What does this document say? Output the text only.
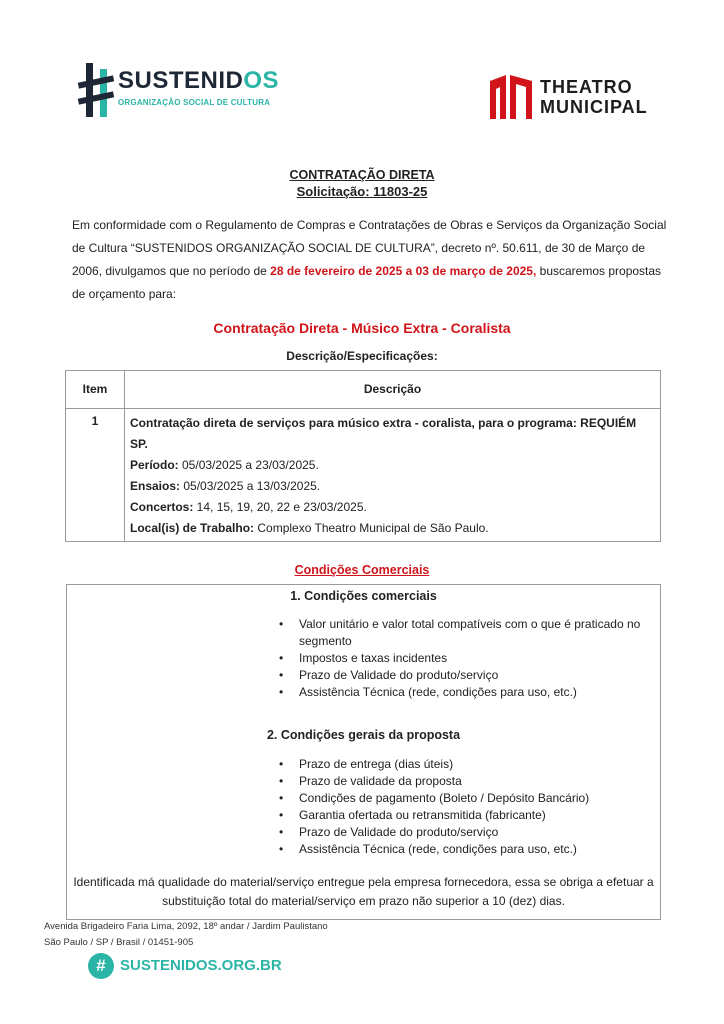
SUSTENIDOS
ORGANIZAÇÃO SOCIAL DE CULTURA
THEATRO
MUNICIPAL
CONTRATAÇÃO DIRETA
Solicitação: 11803-25
Em conformidade com o Regulamento de Compras e Contratações de Obras e Serviços da Organização Social de Cultura “SUSTENIDOS ORGANIZAÇÃO SOCIAL DE CULTURA”, decreto nº. 50.611, de 30 de Março de 2006, divulgamos que no período de 28 de fevereiro de 2025 a 03 de março de 2025, buscaremos propostas de orçamento para:
Contratação Direta - Músico Extra - Coralista
Descrição/Especificações:
Item	Descrição
1	Contratação direta de serviços para músico extra - coralista, para o programa: REQUIÉM SP.
Período: 05/03/2025 a 23/03/2025.
Ensaios: 05/03/2025 a 13/03/2025.
Concertos: 14, 15, 19, 20, 22 e 23/03/2025.
Local(is) de Trabalho: Complexo Theatro Municipal de São Paulo.
Condições Comerciais
1. Condições comerciais
• Valor unitário e valor total compatíveis com o que é praticado no segmento
• Impostos e taxas incidentes
• Prazo de Validade do produto/serviço
• Assistência Técnica (rede, condições para uso, etc.)
2. Condições gerais da proposta
• Prazo de entrega (dias úteis)
• Prazo de validade da proposta
• Condições de pagamento (Boleto / Depósito Bancário)
• Garantia ofertada ou retransmitida (fabricante)
• Prazo de Validade do produto/serviço
• Assistência Técnica (rede, condições para uso, etc.)
Identificada má qualidade do material/serviço entregue pela empresa fornecedora, essa se obriga a efetuar a substituição total do material/serviço em prazo não superior a 10 (dez) dias.
Avenida Brigadeiro Faria Lima, 2092, 18º andar / Jardim Paulistano
São Paulo / SP / Brasil / 01451-905
# SUSTENIDOS.ORG.BR
